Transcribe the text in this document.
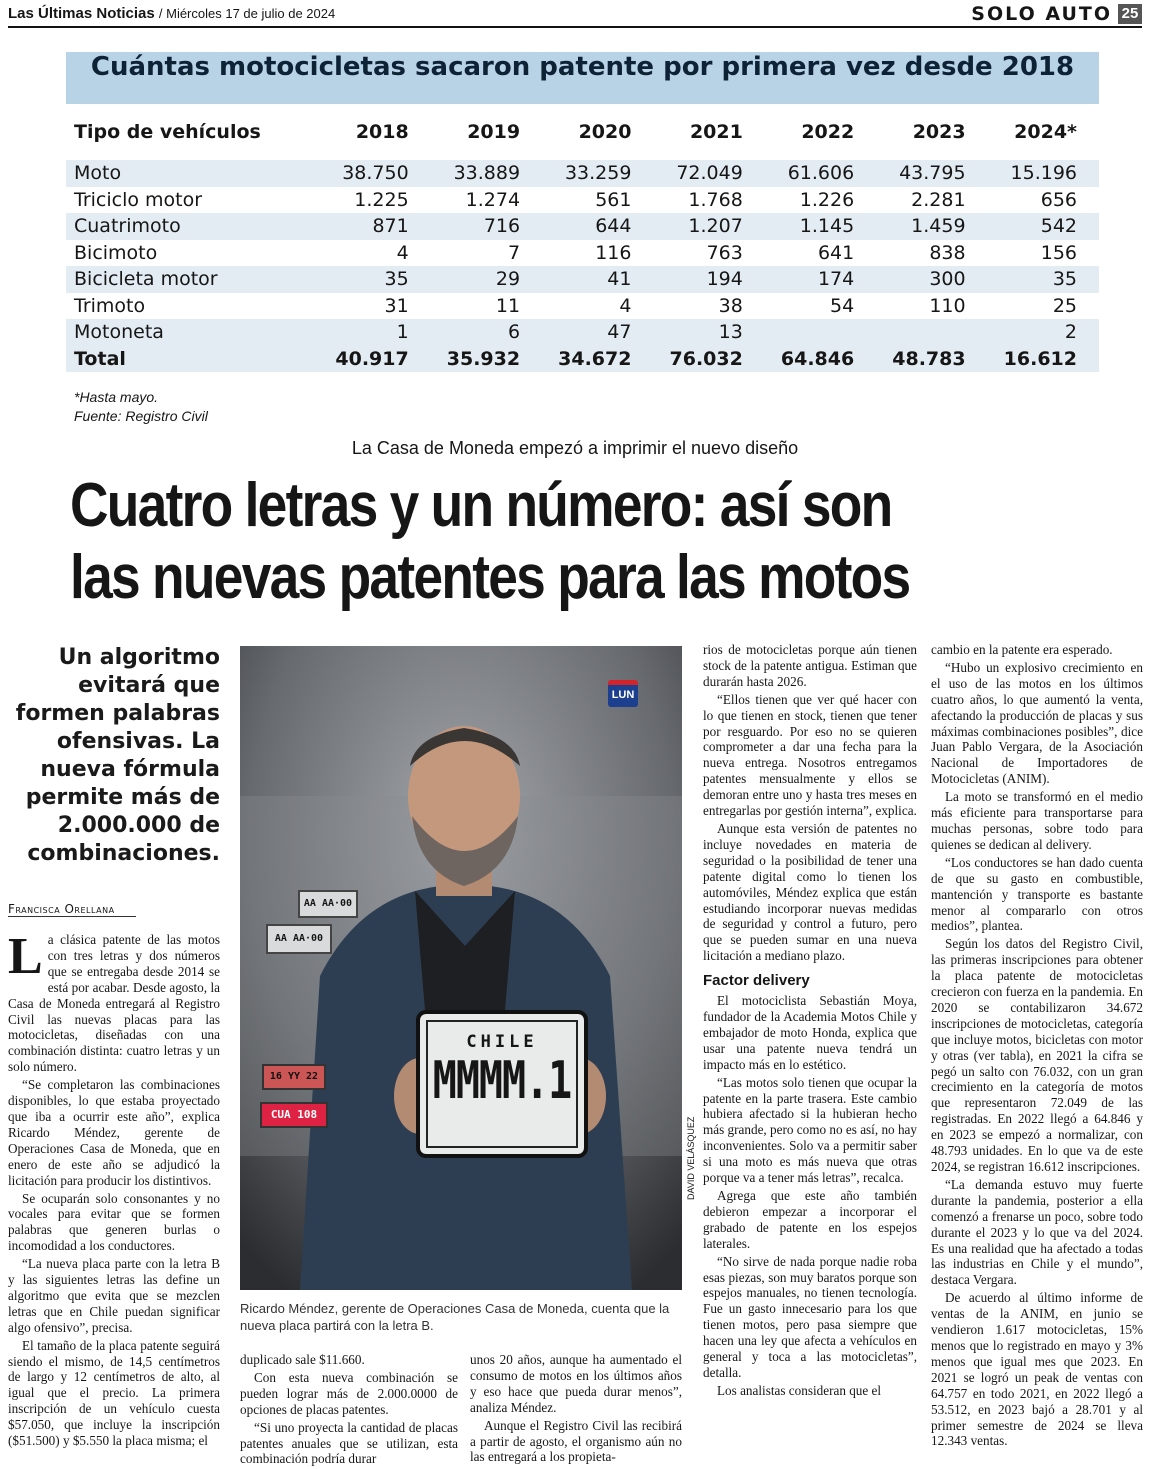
Las Últimas Noticias / Miércoles 17 de julio de 2024	SOLO AUTO 25
Cuántas motocicletas sacaron patente por primera vez desde 2018
Tipo de vehículos	2018	2019	2020	2021	2022	2023	2024*
Moto	38.750	33.889	33.259	72.049	61.606	43.795	15.196
Triciclo motor	1.225	1.274	561	1.768	1.226	2.281	656
Cuatrimoto	871	716	644	1.207	1.145	1.459	542
Bicimoto	4	7	116	763	641	838	156
Bicicleta motor	35	29	41	194	174	300	35
Trimoto	31	11	4	38	54	110	25
Motoneta	1	6	47	13			2
Total	40.917	35.932	34.672	76.032	64.846	48.783	16.612
*Hasta mayo.
Fuente: Registro Civil
La Casa de Moneda empezó a imprimir el nuevo diseño
Cuatro letras y un número: así son
las nuevas patentes para las motos
Un algoritmo evitará que formen palabras ofensivas. La nueva fórmula permite más de 2.000.000 de combinaciones.
Francisca Orellana
L a clásica patente de las motos con tres letras y dos números que se entregaba desde 2014 se está por acabar. Desde agosto, la Casa de Moneda entregará al Registro Civil las nuevas placas para las motocicletas, diseñadas con una combinación distinta: cuatro letras y un solo número.

“Se completaron las combinaciones disponibles, lo que estaba proyectado que iba a ocurrir este año”, explica Ricardo Méndez, gerente de Operaciones Casa de Moneda, que en enero de este año se adjudicó la licitación para producir los distintivos.

Se ocuparán solo consonantes y no vocales para evitar que se formen palabras que generen burlas o incomodidad a los conductores.

“La nueva placa parte con la letra B y las siguientes letras las define un algoritmo que evita que se mezclen letras que en Chile puedan significar algo ofensivo”, precisa.

El tamaño de la placa patente seguirá siendo el mismo, de 14,5 centímetros de largo y 12 centímetros de alto, al igual que el precio. La primera inscripción de un vehículo cuesta $57.050, que incluye la inscripción ($51.500) y $5.550 la placa misma; el

AA AA·00
AA AA·00
16 YY 22
CUA 108
LUN
CHILE
MMMM.1
DAVID VELÁSQUEZ
Ricardo Méndez, gerente de Operaciones Casa de Moneda, cuenta que la nueva placa partirá con la letra B.

duplicado sale $11.660.

Con esta nueva combinación se pueden lograr más de 2.000.0000 de opciones de placas patentes.

“Si uno proyecta la cantidad de placas patentes anuales que se utilizan, esta combinación podría durar

unos 20 años, aunque ha aumentado el consumo de motos en los últimos años y eso hace que pueda durar menos”, analiza Méndez.

Aunque el Registro Civil las recibirá a partir de agosto, el organismo aún no las entregará a los propieta-

rios de motocicletas porque aún tienen stock de la patente antigua. Estiman que durarán hasta 2026.

“Ellos tienen que ver qué hacer con lo que tienen en stock, tienen que tener por resguardo. Por eso no se quieren comprometer a dar una fecha para la nueva entrega. Nosotros entregamos patentes mensualmente y ellos se demoran entre uno y hasta tres meses en entregarlas por gestión interna”, explica.

Aunque esta versión de patentes no incluye novedades en materia de seguridad o la posibilidad de tener una patente digital como lo tienen los automóviles, Méndez explica que están estudiando incorporar nuevas medidas de seguridad y control a futuro, pero que se pueden sumar en una nueva licitación a mediano plazo.

Factor delivery

El motociclista Sebastián Moya, fundador de la Academia Motos Chile y embajador de moto Honda, explica que usar una patente nueva tendrá un impacto más en lo estético.

“Las motos solo tienen que ocupar la patente en la parte trasera. Este cambio hubiera afectado si la hubieran hecho más grande, pero como no es así, no hay inconvenientes. Solo va a permitir saber si una moto es más nueva que otras porque va a tener más letras”, recalca.

Agrega que este año también debieron empezar a incorporar el grabado de patente en los espejos laterales.

“No sirve de nada porque nadie roba esas piezas, son muy baratos porque son espejos manuales, no tienen tecnología. Fue un gasto innecesario para los que tienen motos, pero pasa siempre que hacen una ley que afecta a vehículos en general y toca a las motocicletas”, detalla.

Los analistas consideran que el

cambio en la patente era esperado.

“Hubo un explosivo crecimiento en el uso de las motos en los últimos cuatro años, lo que aumentó la venta, afectando la producción de placas y sus máximas combinaciones posibles”, dice Juan Pablo Vergara, de la Asociación Nacional de Importadores de Motocicletas (ANIM).

La moto se transformó en el medio más eficiente para transportarse para muchas personas, sobre todo para quienes se dedican al delivery.

“Los conductores se han dado cuenta de que su gasto en combustible, mantención y transporte es bastante menor al compararlo con otros medios”, plantea.

Según los datos del Registro Civil, las primeras inscripciones para obtener la placa patente de motocicletas crecieron con fuerza en la pandemia. En 2020 se contabilizaron 34.672 inscripciones de motocicletas, categoría que incluye motos, bicicletas con motor y otras (ver tabla), en 2021 la cifra se pegó un salto con 76.032, con un gran crecimiento en la categoría de motos que representaron 72.049 de las registradas. En 2022 llegó a 64.846 y en 2023 se empezó a normalizar, con 48.793 unidades. En lo que va de este 2024, se registran 16.612 inscripciones.

“La demanda estuvo muy fuerte durante la pandemia, posterior a ella comenzó a frenarse un poco, sobre todo durante el 2023 y lo que va del 2024. Es una realidad que ha afectado a todas las industrias en Chile y el mundo”, destaca Vergara.

De acuerdo al último informe de ventas de la ANIM, en junio se vendieron 1.617 motocicletas, 15% menos que lo registrado en mayo y 3% menos que igual mes que 2023. En 2021 se logró un peak de ventas con 64.757 en todo 2021, en 2022 llegó a 53.512, en 2023 bajó a 28.701 y al primer semestre de 2024 se lleva 12.343 ventas.
